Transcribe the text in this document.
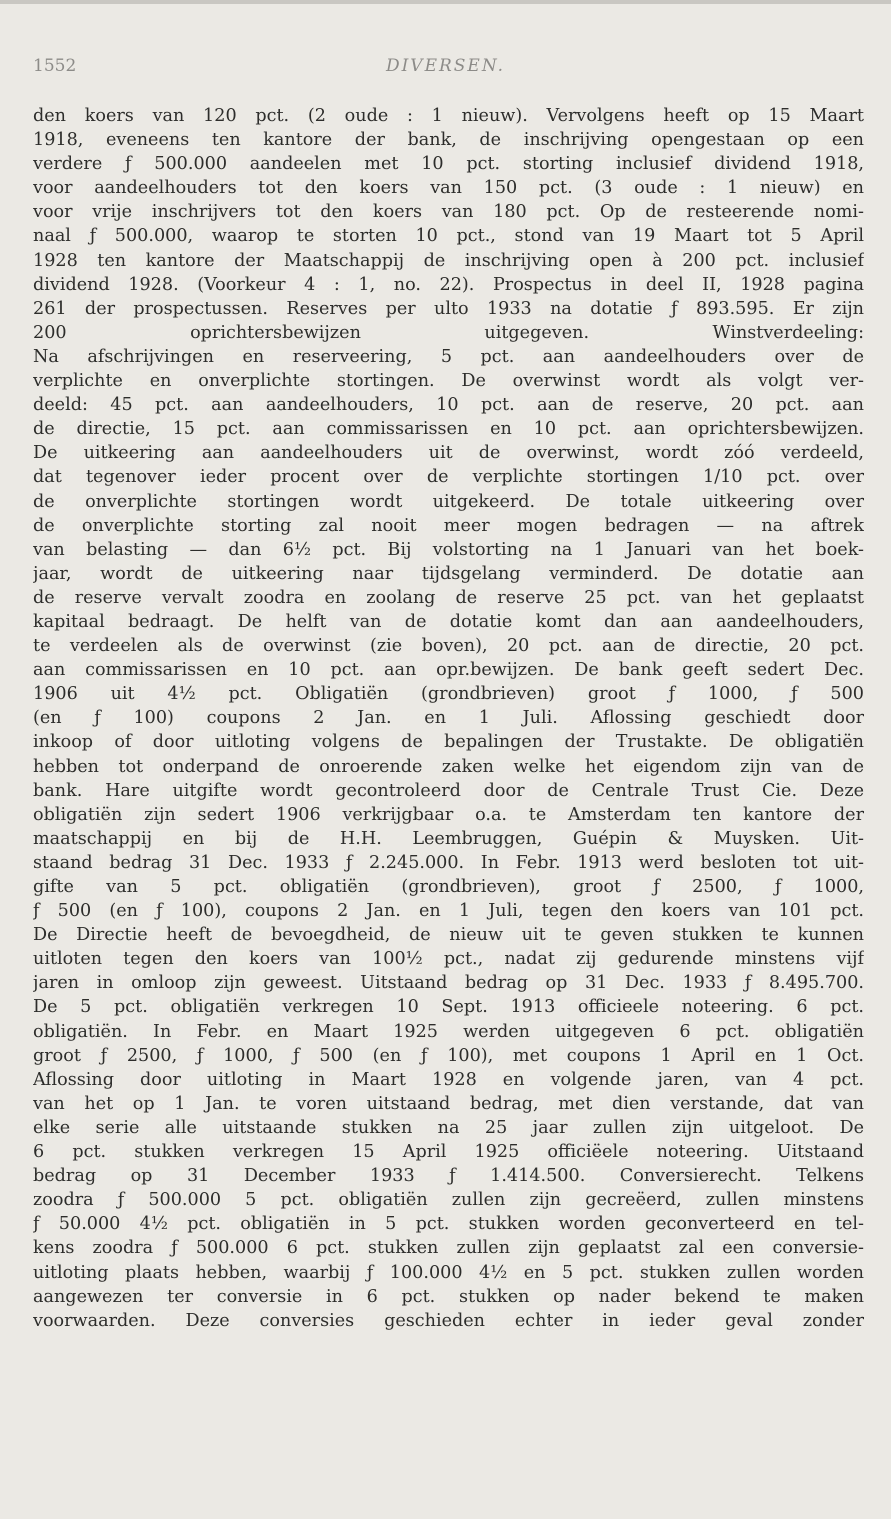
1552	DIVERSEN.
den koers van 120 pct. (2 oude : 1 nieuw). Vervolgens heeft op 15 Maart
1918, eveneens ten kantore der bank, de inschrijving opengestaan op een
verdere ƒ 500.000 aandeelen met 10 pct. storting inclusief dividend 1918,
voor aandeelhouders tot den koers van 150 pct. (3 oude : 1 nieuw) en
voor vrije inschrijvers tot den koers van 180 pct. Op de resteerende nomi-
naal ƒ 500.000, waarop te storten 10 pct., stond van 19 Maart tot 5 April
1928 ten kantore der Maatschappij de inschrijving open à 200 pct. inclusief
dividend 1928. (Voorkeur 4 : 1, no. 22). Prospectus in deel II, 1928 pagina
261 der prospectussen. Reserves per ulto 1933 na dotatie ƒ 893.595. Er zijn
200 oprichtersbewijzen uitgegeven. Winstverdeeling:
Na afschrijvingen en reserveering, 5 pct. aan aandeelhouders over de
verplichte en onverplichte stortingen. De overwinst wordt als volgt ver-
deeld: 45 pct. aan aandeelhouders, 10 pct. aan de reserve, 20 pct. aan
de directie, 15 pct. aan commissarissen en 10 pct. aan oprichtersbewijzen.
De uitkeering aan aandeelhouders uit de overwinst, wordt zóó verdeeld,
dat tegenover ieder procent over de verplichte stortingen 1/10 pct. over
de onverplichte stortingen wordt uitgekeerd. De totale uitkeering over
de onverplichte storting zal nooit meer mogen bedragen — na aftrek
van belasting — dan 6½ pct. Bij volstorting na 1 Januari van het boek-
jaar, wordt de uitkeering naar tijdsgelang verminderd. De dotatie aan
de reserve vervalt zoodra en zoolang de reserve 25 pct. van het geplaatst
kapitaal bedraagt. De helft van de dotatie komt dan aan aandeelhouders,
te verdeelen als de overwinst (zie boven), 20 pct. aan de directie, 20 pct.
aan commissarissen en 10 pct. aan opr.bewijzen. De bank geeft sedert Dec.
1906 uit 4½ pct. Obligatiën (grondbrieven) groot ƒ 1000, ƒ 500
(en ƒ 100) coupons 2 Jan. en 1 Juli. Aflossing geschiedt door
inkoop of door uitloting volgens de bepalingen der Trustakte. De obligatiën
hebben tot onderpand de onroerende zaken welke het eigendom zijn van de
bank. Hare uitgifte wordt gecontroleerd door de Centrale Trust Cie. Deze
obligatiën zijn sedert 1906 verkrijgbaar o.a. te Amsterdam ten kantore der
maatschappij en bij de H.H. Leembruggen, Guépin & Muysken. Uit-
staand bedrag 31 Dec. 1933 ƒ 2.245.000. In Febr. 1913 werd besloten tot uit-
gifte van 5 pct. obligatiën (grondbrieven), groot ƒ 2500, ƒ 1000,
ƒ 500 (en ƒ 100), coupons 2 Jan. en 1 Juli, tegen den koers van 101 pct.
De Directie heeft de bevoegdheid, de nieuw uit te geven stukken te kunnen
uitloten tegen den koers van 100½ pct., nadat zij gedurende minstens vijf
jaren in omloop zijn geweest. Uitstaand bedrag op 31 Dec. 1933 ƒ 8.495.700.
De 5 pct. obligatiën verkregen 10 Sept. 1913 officieele noteering. 6 pct.
obligatiën. In Febr. en Maart 1925 werden uitgegeven 6 pct. obligatiën
groot ƒ 2500, ƒ 1000, ƒ 500 (en ƒ 100), met coupons 1 April en 1 Oct.
Aflossing door uitloting in Maart 1928 en volgende jaren, van 4 pct.
van het op 1 Jan. te voren uitstaand bedrag, met dien verstande, dat van
elke serie alle uitstaande stukken na 25 jaar zullen zijn uitgeloot. De
6 pct. stukken verkregen 15 April 1925 officiëele noteering. Uitstaand
bedrag op 31 December 1933 ƒ 1.414.500. Conversierecht. Telkens
zoodra ƒ 500.000 5 pct. obligatiën zullen zijn gecreëerd, zullen minstens
ƒ 50.000 4½ pct. obligatiën in 5 pct. stukken worden geconverteerd en tel-
kens zoodra ƒ 500.000 6 pct. stukken zullen zijn geplaatst zal een conversie-
uitloting plaats hebben, waarbij ƒ 100.000 4½ en 5 pct. stukken zullen worden
aangewezen ter conversie in 6 pct. stukken op nader bekend te maken
voorwaarden. Deze conversies geschieden echter in ieder geval zonder
